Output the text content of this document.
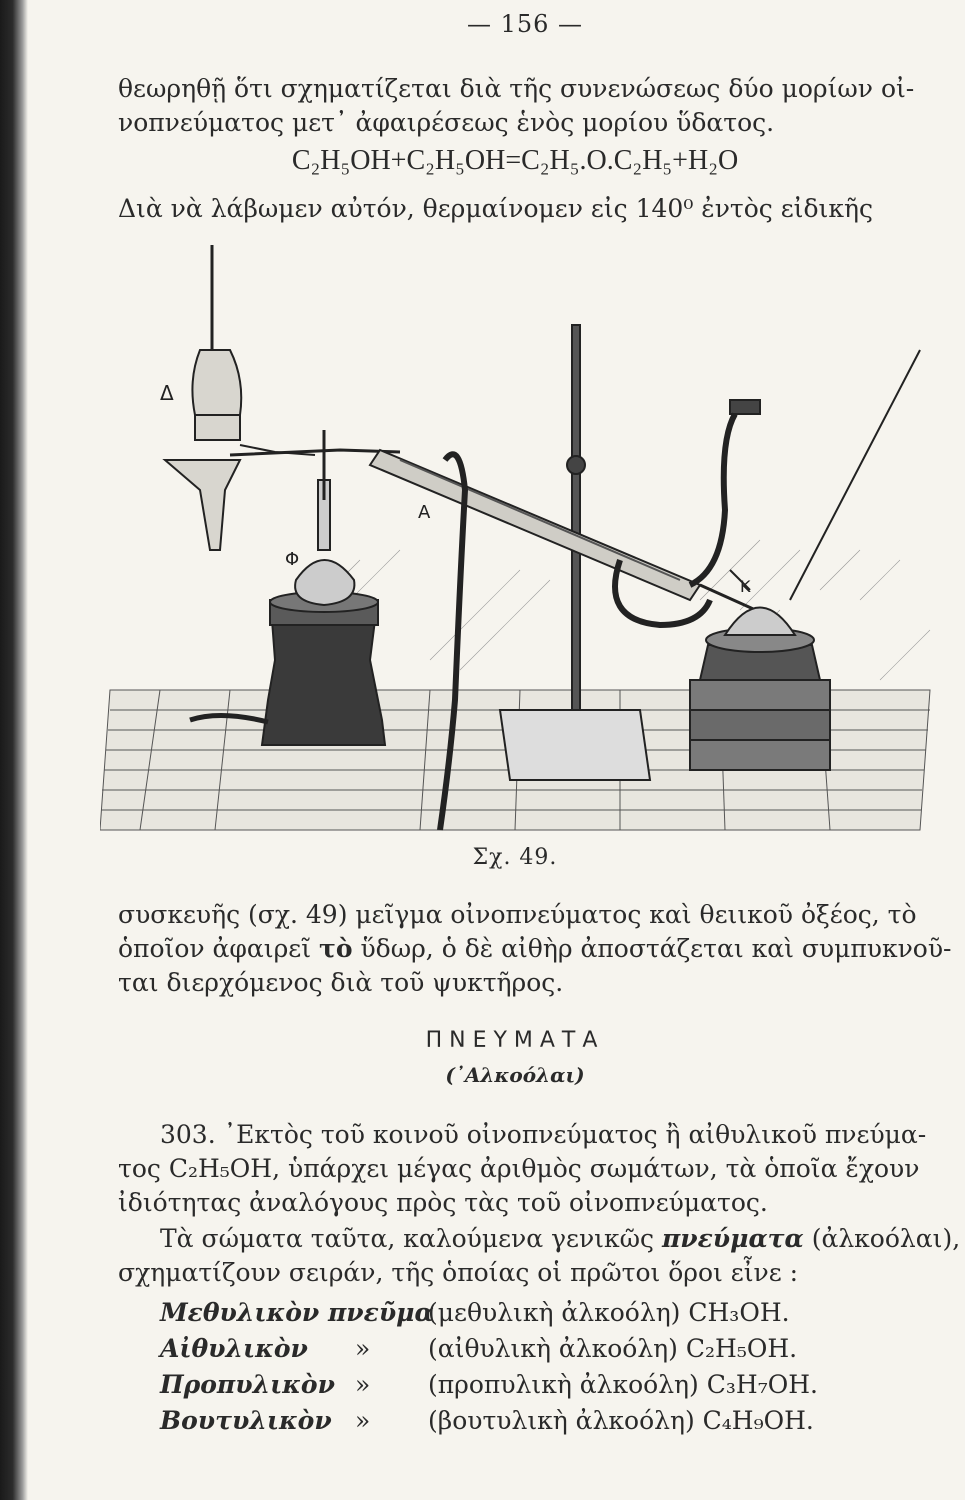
— 156 —
θεωρηθῇ ὅτι σχηματίζεται διὰ τῆς συνενώσεως δύο μορίων οἰ-
νοπνεύματος μετ᾽ ἀφαιρέσεως ἑνὸς μορίου ὕδατος.
C₂H₅OH+C₂H₅OH=C₂H₅.O.C₂H₅+H₂O
Διὰ νὰ λάβωμεν αὐτόν, θερμαίνομεν εἰς 140⁰ ἐντὸς εἰδικῆς
Δ
Φ
Α
Κ
Σχ. 49.
συσκευῆς (σχ. 49) μεῖγμα οἰνοπνεύματος καὶ θειικοῦ ὀξέος, τὸ
ὁποῖον ἀφαιρεῖ τὸ ὕδωρ, ὁ δὲ αἰθὴρ ἀποστάζεται καὶ συμπυκνοῦ-
ται διερχόμενος διὰ τοῦ ψυκτῆρος.
ΠΝΕΥΜΑΤΑ
(᾽Αλκοόλαι)
303. ᾽Εκτὸς τοῦ κοινοῦ οἰνοπνεύματος ἢ αἰθυλικοῦ πνεύμα-
τος C₂H₅OH, ὑπάρχει μέγας ἀριθμὸς σωμάτων, τὰ ὁποῖα ἔχουν
ἰδιότητας ἀναλόγους πρὸς τὰς τοῦ οἰνοπνεύματος.
Τὰ σώματα ταῦτα, καλούμενα γενικῶς πνεύματα (ἀλκοόλαι),
σχηματίζουν σειράν, τῆς ὁποίας οἱ πρῶτοι ὅροι εἶνε :
Μεθυλικὸν πνεῦμα
(μεθυλικὴ ἀλκοόλη) CH₃OH.
Αἰθυλικὸν » (αἰθυλικὴ ἀλκοόλη) C₂H₅OH.
Προπυλικὸν » (προπυλικὴ ἀλκοόλη) C₃H₇OH.
Βουτυλικὸν » (βουτυλικὴ ἀλκοόλη) C₄H₉OH.
